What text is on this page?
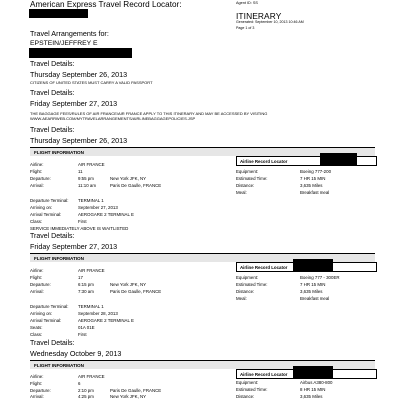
American Express Travel Record Locator:	Agent ID: SS
ITINERARY
Generated: September 10, 2013 10:46 AM
Page 1 of 3
Travel Arrangements for:
EPSTEIN/JEFFREY E
Travel Details:
Thursday September 26, 2013
CITIZENS OF UNITED STATES MUST CARRY A VALID PASSPORT
Travel Details:
Friday September 27, 2013
THE BAGGAGE FEES/RULES OF AIR FRANCE/AIR FRANCE APPLY TO THIS ITINERARY AND MAY BE ACCESSED BY VISITING WWW.AEARRWEB.COM/MYTRAVELARRANGEMENTS/AIRLINEBAGGAGEPOLICIES.JSP
Travel Details:
Thursday September 26, 2013
FLIGHT INFORMATION
Airline:	AIR FRANCE
Flight:	11
Departure:	9:55 pm	New York JFK, NY
Arrival:	11:10 am	Paris De Gaulle, FRANCE
Airline Record Locator
Equipment:	Boeing 777-200
Estimated Time:	7 HR 15 MIN
Distance:	3,635 Miles
Meal:	Breakfast meal
Departure Terminal: TERMINAL 1
Arriving on:	September 27, 2013
Arrival Terminal:	AEROGARE 2 TERMINAL E
Class:	First
SERVICE IMMEDIATELY ABOVE IS WAITLISTED
Travel Details:
Friday September 27, 2013
FLIGHT INFORMATION
Airline:	AIR FRANCE
Flight:	17
Departure:	6:15 pm	New York JFK, NY
Arrival:	7:30 am	Paris De Gaulle, FRANCE
Airline Record Locator
Equipment:	Boeing 777 - 300ER
Estimated Time:	7 HR 15 MIN
Distance:	3,635 Miles
Meal:	Breakfast meal
Departure Terminal: TERMINAL 1
Arriving on:	September 28, 2013
Arrival Terminal:	AEROGARE 2 TERMINAL E
Seats:	01A 01E
Class:	First
Travel Details:
Wednesday October 9, 2013
FLIGHT INFORMATION
Airline:	AIR FRANCE
Flight:	6
Departure:	2:10 pm	Paris De Gaulle, FRANCE
Arrival:	4:25 pm	New York JFK, NY
Airline Record Locator
Equipment:	Airbus A380-800
Estimated Time:	8 HR 15 MIN
Distance:	3,635 Miles
